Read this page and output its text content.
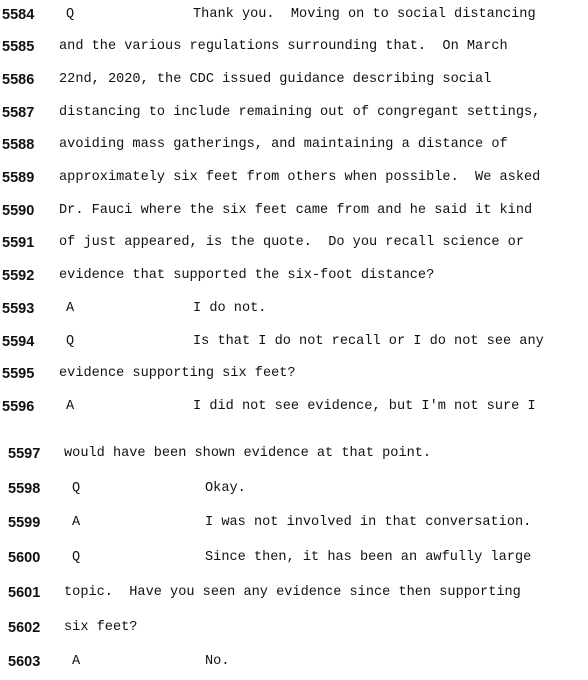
5584 Q	Thank you.  Moving on to social distancing
5585 and the various regulations surrounding that.  On March
5586 22nd, 2020, the CDC issued guidance describing social
5587 distancing to include remaining out of congregant settings,
5588 avoiding mass gatherings, and maintaining a distance of
5589 approximately six feet from others when possible.  We asked
5590 Dr. Fauci where the six feet came from and he said it kind
5591 of just appeared, is the quote.  Do you recall science or
5592 evidence that supported the six-foot distance?
5593 A	I do not.
5594 Q	Is that I do not recall or I do not see any
5595 evidence supporting six feet?
5596 A	I did not see evidence, but I'm not sure I
5597 would have been shown evidence at that point.
5598 Q	Okay.
5599 A	I was not involved in that conversation.
5600 Q	Since then, it has been an awfully large
5601 topic.  Have you seen any evidence since then supporting
5602 six feet?
5603 A	No.
